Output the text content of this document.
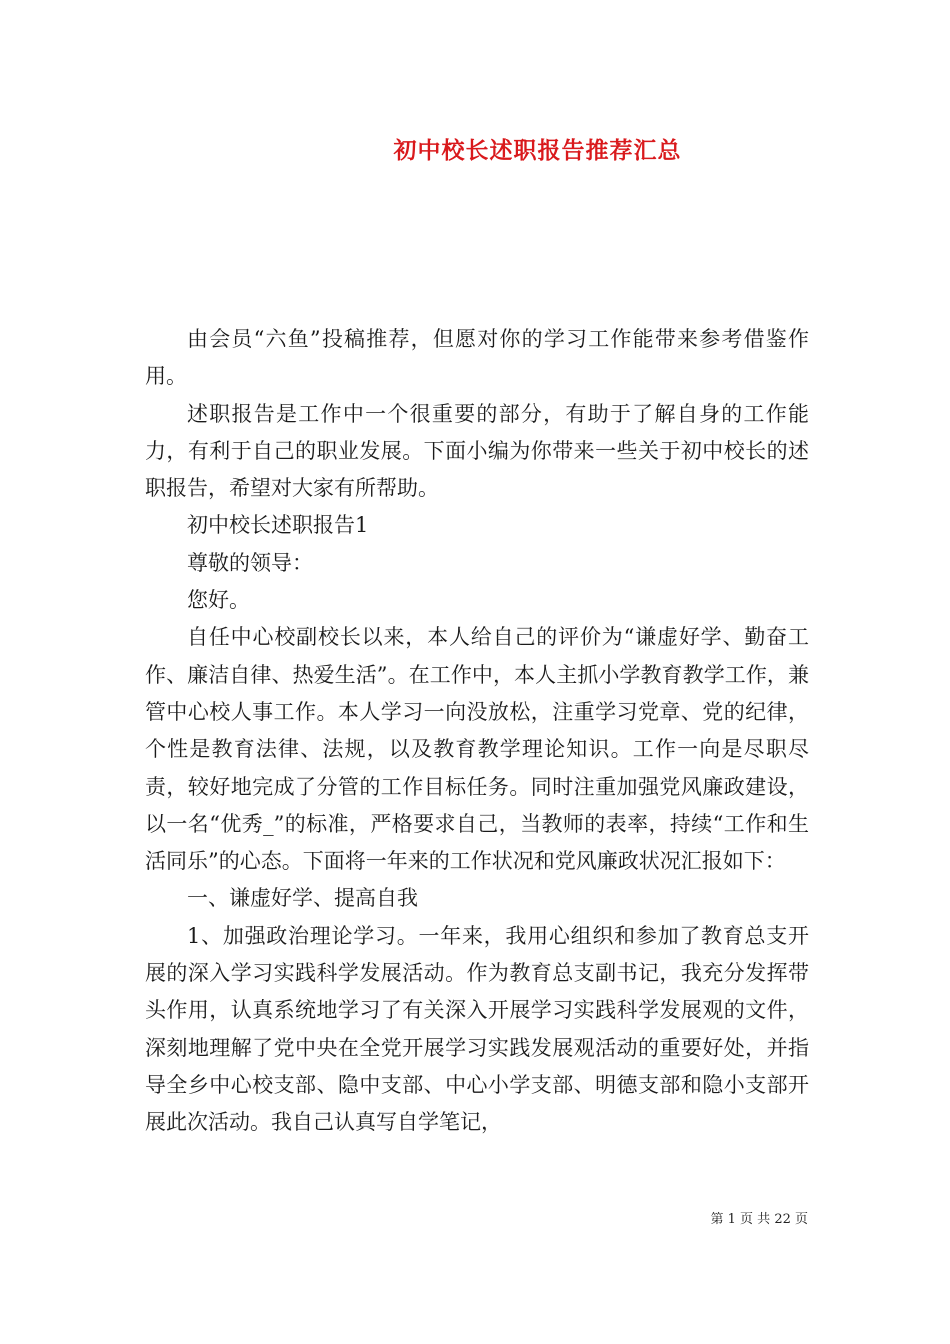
初中校长述职报告推荐汇总

由会员“六鱼”投稿推荐，但愿对你的学习工作能带来参考借鉴作用。

述职报告是工作中一个很重要的部分，有助于了解自身的工作能力，有利于自己的职业发展。下面小编为你带来一些关于初中校长的述职报告，希望对大家有所帮助。

初中校长述职报告1

尊敬的领导：

您好。

自任中心校副校长以来，本人给自己的评价为“谦虚好学、勤奋工作、廉洁自律、热爱生活”。在工作中，本人主抓小学教育教学工作，兼管中心校人事工作。本人学习一向没放松，注重学习党章、党的纪律，个性是教育法律、法规，以及教育教学理论知识。工作一向是尽职尽责，较好地完成了分管的工作目标任务。同时注重加强党风廉政建设，以一名“优秀_”的标准，严格要求自己，当教师的表率，持续“工作和生活同乐”的心态。下面将一年来的工作状况和党风廉政状况汇报如下：

一、谦虚好学、提高自我

1、加强政治理论学习。一年来，我用心组织和参加了教育总支开展的深入学习实践科学发展活动。作为教育总支副书记，我充分发挥带头作用，认真系统地学习了有关深入开展学习实践科学发展观的文件，深刻地理解了党中央在全党开展学习实践发展观活动的重要好处，并指导全乡中心校支部、隐中支部、中心小学支部、明德支部和隐小支部开展此次活动。我自己认真写自学笔记，

第 1 页 共 22 页
